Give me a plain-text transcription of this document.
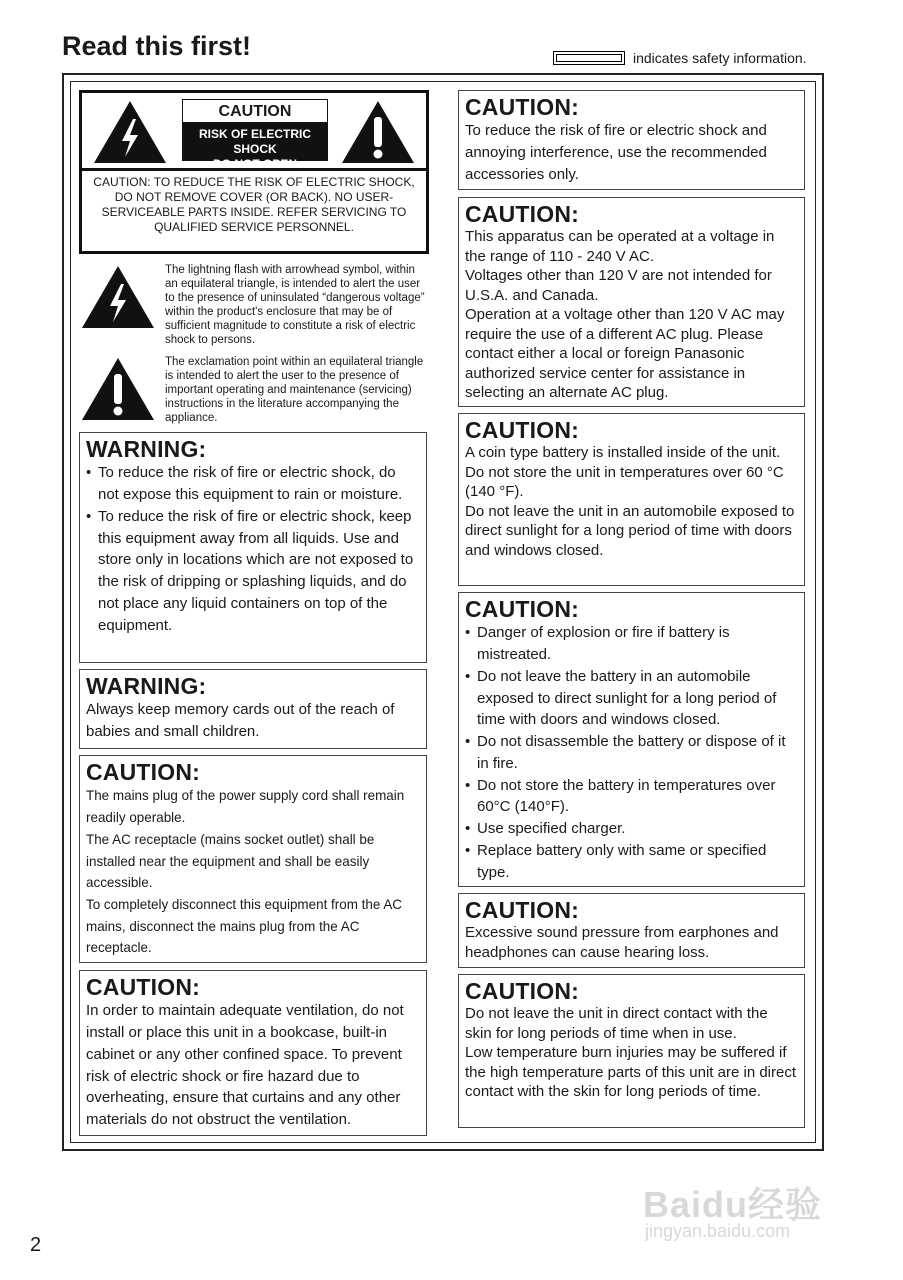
Read this first!	indicates safety information.
CAUTION
RISK OF ELECTRIC SHOCK
DO NOT OPEN
CAUTION: TO REDUCE THE RISK OF ELECTRIC SHOCK, DO NOT REMOVE COVER (OR BACK). NO USER-SERVICEABLE PARTS INSIDE. REFER SERVICING TO QUALIFIED SERVICE PERSONNEL.
The lightning flash with arrowhead symbol, within an equilateral triangle, is intended to alert the user to the presence of uninsulated “dangerous voltage” within the product's enclosure that may be of sufficient magnitude to constitute a risk of electric shock to persons.
The exclamation point within an equilateral triangle is intended to alert the user to the presence of important operating and maintenance (servicing) instructions in the literature accompanying the appliance.
WARNING:
• To reduce the risk of fire or electric shock, do not expose this equipment to rain or moisture.
• To reduce the risk of fire or electric shock, keep this equipment away from all liquids. Use and store only in locations which are not exposed to the risk of dripping or splashing liquids, and do not place any liquid containers on top of the equipment.
WARNING:
Always keep memory cards out of the reach of babies and small children.
CAUTION:

The mains plug of the power supply cord shall remain readily operable.

The AC receptacle (mains socket outlet) shall be installed near the equipment and shall be easily accessible.

To completely disconnect this equipment from the AC mains, disconnect the mains plug from the AC receptacle.

CAUTION:
In order to maintain adequate ventilation, do not install or place this unit in a bookcase, built-in cabinet or any other confined space. To prevent risk of electric shock or fire hazard due to overheating, ensure that curtains and any other materials do not obstruct the ventilation.
CAUTION:
To reduce the risk of fire or electric shock and annoying interference, use the recommended accessories only.
CAUTION:

This apparatus can be operated at a voltage in the range of 110 - 240 V AC.

Voltages other than 120 V are not intended for U.S.A. and Canada.

Operation at a voltage other than 120 V AC may require the use of a different AC plug. Please contact either a local or foreign Panasonic authorized service center for assistance in selecting an alternate AC plug.

CAUTION:

A coin type battery is installed inside of the unit.

Do not store the unit in temperatures over 60 °C (140 °F).

Do not leave the unit in an automobile exposed to direct sunlight for a long period of time with doors and windows closed.

CAUTION:
• Danger of explosion or fire if battery is mistreated.
• Do not leave the battery in an automobile exposed to direct sunlight for a long period of time with doors and windows closed.
• Do not disassemble the battery or dispose of it in fire.
• Do not store the battery in temperatures over 60°C (140°F).
• Use specified charger.
• Replace battery only with same or specified type.
CAUTION:
Excessive sound pressure from earphones and headphones can cause hearing loss.
CAUTION:

Do not leave the unit in direct contact with the skin for long periods of time when in use.

Low temperature burn injuries may be suffered if the high temperature parts of this unit are in direct contact with the skin for long periods of time.

2
Baidu经验
jingyan.baidu.com
